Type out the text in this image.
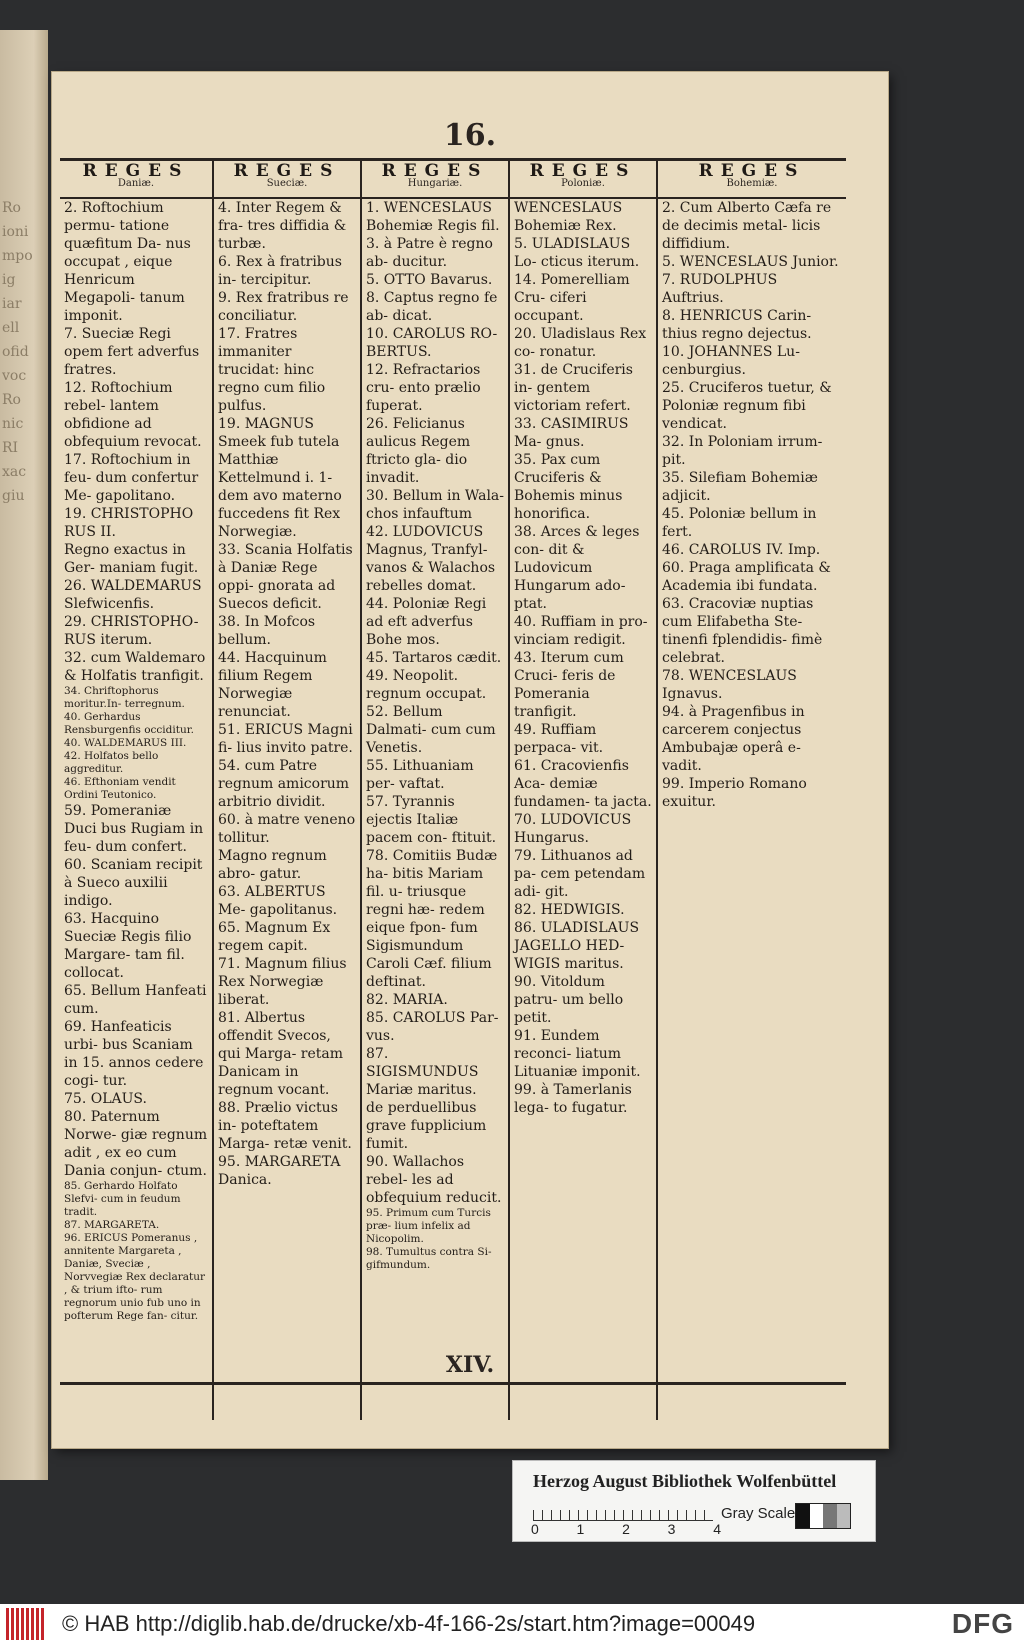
Ro
ioni
mpo
ig
iar
ell
ofid
voc
Ro
nic
RI
xac
giu
16.
REGES
Daniæ.
2. Roftochium permu- tatione quæfitum Da- nus occupat , eique Henricum Megapoli- tanum imponit.
7. Sueciæ Regi opem fert adverfus fratres.
12. Roftochium rebel- lantem obfidione ad obfequium revocat.
17. Roftochium in feu- dum confertur Me- gapolitano.
19. CHRISTOPHO RUS II.
Regno exactus in Ger- maniam fugit.
26. WALDEMARUS Slefwicenfis.
29. CHRISTOPHO- RUS iterum.
32. cum Waldemaro & Holfatis tranfigit.
34. Chriftophorus moritur.In- terregnum.
40. Gerhardus Rensburgenfis occiditur.
40. WALDEMARUS III.
42. Holfatos bello aggreditur.
46. Efthoniam vendit Ordini Teutonico.
59. Pomeraniæ Duci bus Rugiam in feu- dum confert.
60. Scaniam recipit à Sueco auxilii indigo.
63. Hacquino Sueciæ Regis filio Margare- tam fil. collocat.
65. Bellum Hanfeati cum.
69. Hanfeaticis urbi- bus Scaniam in 15. annos cedere cogi- tur.
75. OLAUS.
80. Paternum Norwe- giæ regnum adit , ex eo cum Dania conjun- ctum.
85. Gerhardo Holfato Slefvi- cum in feudum tradit.
87. MARGARETA.
96. ERICUS Pomeranus , annitente Margareta , Daniæ, Sveciæ , Norvvegiæ Rex declaratur , & trium ifto- rum regnorum unio fub uno in pofterum Rege fan- citur.
REGES
Sueciæ.
4. Inter Regem & fra- tres diffidia & turbæ.
6. Rex à fratribus in- tercipitur.
9. Rex fratribus re conciliatur.
17. Fratres immaniter trucidat: hinc regno cum filio pulfus.
19. MAGNUS Smeek fub tutela Matthiæ Kettelmund i. 1- dem avo materno fuccedens fit Rex Norwegiæ.
33. Scania Holfatis à Daniæ Rege oppi- gnorata ad Suecos deficit.
38. In Mofcos bellum.
44. Hacquinum filium Regem Norwegiæ renunciat.
51. ERICUS Magni fi- lius invito patre.
54. cum Patre regnum amicorum arbitrio dividit.
60. à matre veneno tollitur.
Magno regnum abro- gatur.
63. ALBERTUS Me- gapolitanus.
65. Magnum Ex regem capit.
71. Magnum filius Rex Norwegiæ liberat.
81. Albertus offendit Svecos, qui Marga- retam Danicam in regnum vocant.
88. Prælio victus in- poteftatem Marga- retæ venit.
95. MARGARETA Danica.
REGES
Hungariæ.
1. WENCESLAUS Bohemiæ Regis fil.
3. à Patre è regno ab- ducitur.
5. OTTO Bavarus.
8. Captus regno fe ab- dicat.
10. CAROLUS RO- BERTUS.
12. Refractarios cru- ento prælio fuperat.
26. Felicianus aulicus Regem ftricto gla- dio invadit.
30. Bellum in Wala- chos infauftum
42. LUDOVICUS Magnus, Tranfyl- vanos & Walachos rebelles domat.
44. Poloniæ Regi ad eft adverfus Bohe mos.
45. Tartaros cædit.
49. Neopolit. regnum occupat.
52. Bellum Dalmati- cum cum Venetis.
55. Lithuaniam per- vaftat.
57. Tyrannis ejectis Italiæ pacem con- ftituit.
78. Comitiis Budæ ha- bitis Mariam fil. u- triusque regni hæ- redem eique fpon- fum Sigismundum Caroli Cæf. filium deftinat.
82. MARIA.
85. CAROLUS Par- vus.
87. SIGISMUNDUS Mariæ maritus.
de perduellibus grave fupplicium fumit.
90. Wallachos rebel- les ad obfequium reducit.
95. Primum cum Turcis præ- lium infelix ad Nicopolim.
98. Tumultus contra Si- gifmundum.
REGES
Poloniæ.
WENCESLAUS Bohemiæ Rex.
5. ULADISLAUS Lo- cticus iterum.
14. Pomerelliam Cru- ciferi occupant.
20. Uladislaus Rex co- ronatur.
31. de Cruciferis in- gentem victoriam refert.
33. CASIMIRUS Ma- gnus.
35. Pax cum Cruciferis & Bohemis minus honorifica.
38. Arces & leges con- dit & Ludovicum Hungarum ado- ptat.
40. Ruffiam in pro- vinciam redigit.
43. Iterum cum Cruci- feris de Pomerania tranfigit.
49. Ruffiam perpaca- vit.
61. Cracovienfis Aca- demiæ fundamen- ta jacta.
70. LUDOVICUS Hungarus.
79. Lithuanos ad pa- cem petendam adi- git.
82. HEDWIGIS.
86. ULADISLAUS JAGELLO HED- WIGIS maritus.
90. Vitoldum patru- um bello petit.
91. Eundem reconci- liatum Lituaniæ imponit.
99. à Tamerlanis lega- to fugatur.
REGES
Bohemiæ.
2. Cum Alberto Cæfa re de decimis metal- licis diffidium.
5. WENCESLAUS Junior.
7. RUDOLPHUS Auftrius.
8. HENRICUS Carin- thius regno dejectus.
10. JOHANNES Lu- cenburgius.
25. Cruciferos tuetur, & Poloniæ regnum fibi vendicat.
32. In Poloniam irrum- pit.
35. Silefiam Bohemiæ adjicit.
45. Poloniæ bellum in fert.
46. CAROLUS IV. Imp.
60. Praga amplificata & Academia ibi fundata.
63. Cracoviæ nuptias cum Elifabetha Ste- tinenfi fplendidis- fimè celebrat.
78. WENCESLAUS Ignavus.
94. à Pragenfibus in carcerem conjectus Ambubajæ operâ e- vadit.
99. Imperio Romano exuitur.
XIV.
Herzog August Bibliothek Wolfenbüttel
0	1	2	3	4
Gray Scale
© HAB http://diglib.hab.de/drucke/xb-4f-166-2s/start.htm?image=00049	DFG
